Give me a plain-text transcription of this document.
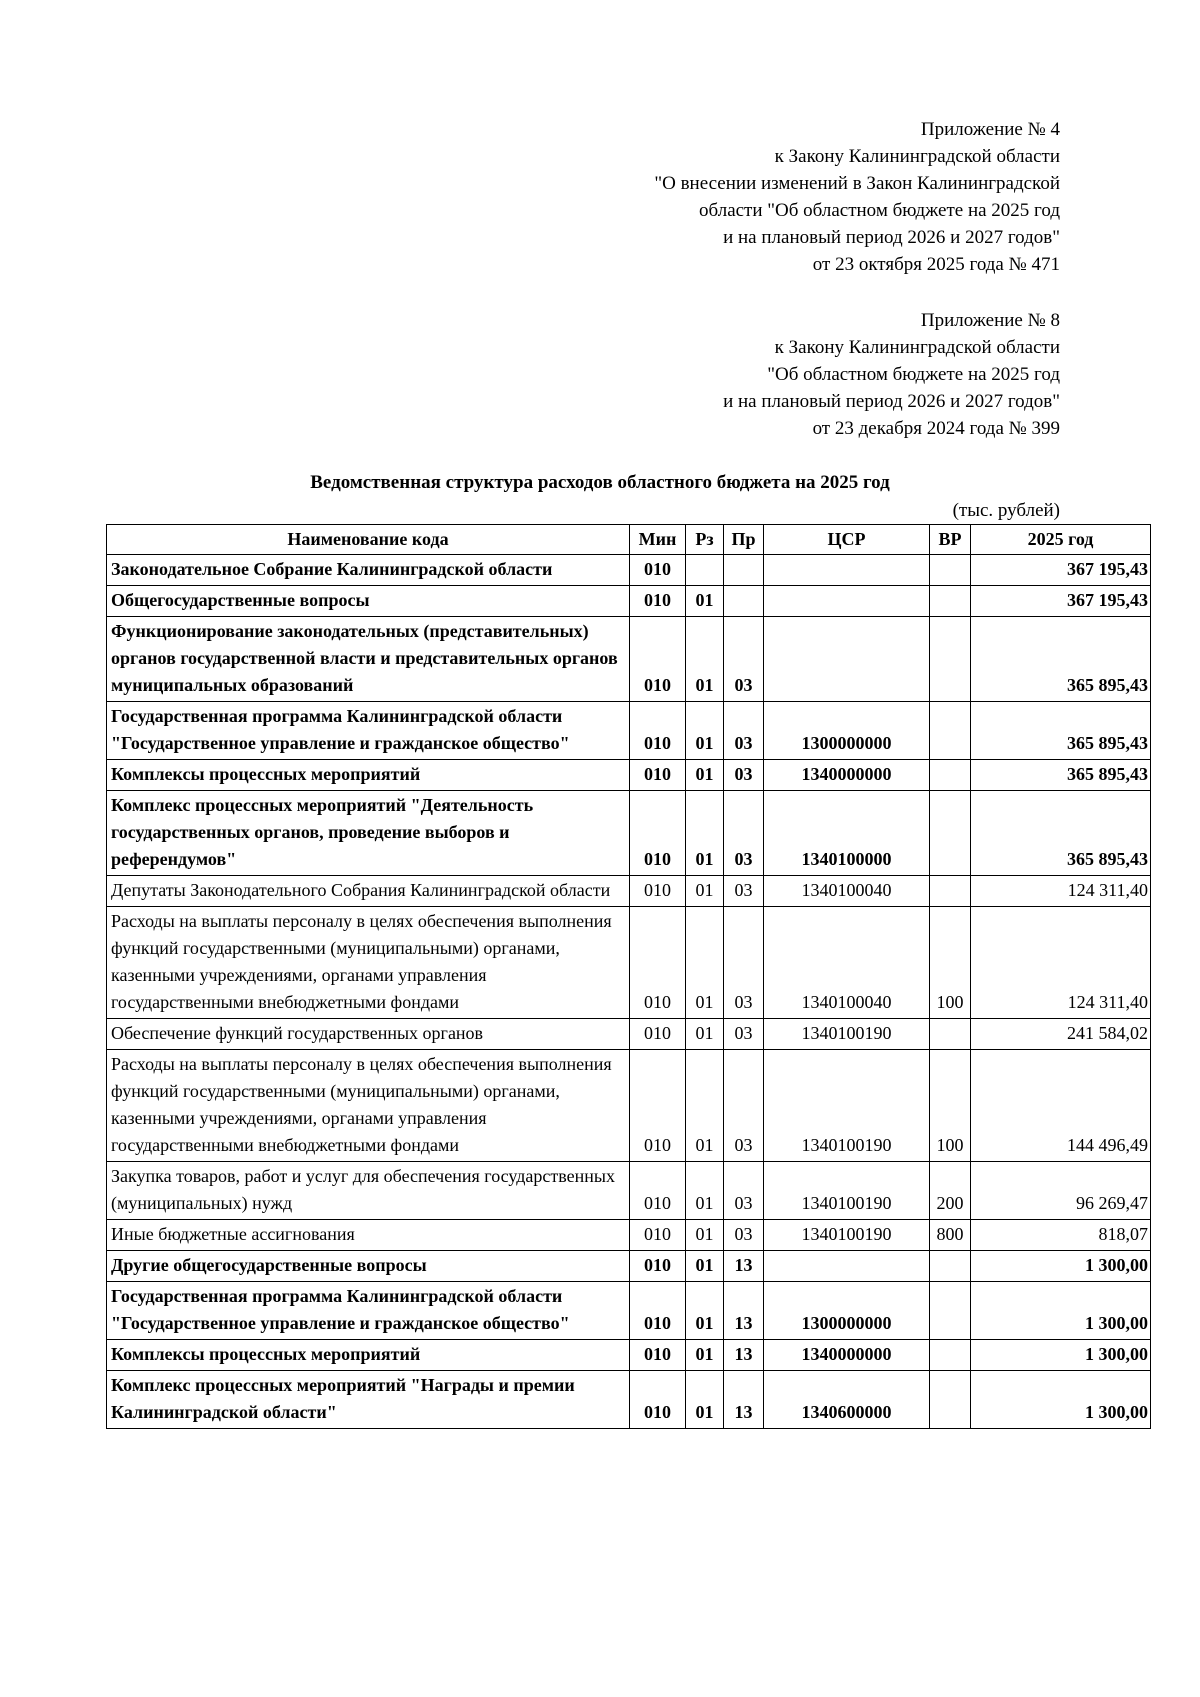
Приложение № 4
к Закону Калининградской области
"О внесении изменений в Закон Калининградской
области "Об областном бюджете на 2025 год
и на плановый период 2026 и 2027 годов"
от 23 октября 2025 года № 471
Приложение № 8
к Закону Калининградской области
"Об областном бюджете на 2025 год
и на плановый период 2026 и 2027 годов"
от 23 декабря 2024 года № 399
Ведомственная структура расходов областного бюджета на 2025 год
(тыс. рублей)
Наименование кода	Мин	Рз	Пр	ЦСР	ВР	2025 год
Законодательное Собрание Калининградской области	010					367 195,43
Общегосударственные вопросы	010	01				367 195,43
Функционирование законодательных (представительных) органов государственной власти и представительных органов муниципальных образований	010	01	03			365 895,43
Государственная программа Калининградской области "Государственное управление и гражданское общество"	010	01	03	1300000000		365 895,43
Комплексы процессных мероприятий	010	01	03	1340000000		365 895,43
Комплекс процессных мероприятий "Деятельность государственных органов, проведение выборов и референдумов"	010	01	03	1340100000		365 895,43
Депутаты Законодательного Собрания Калининградской области	010	01	03	1340100040		124 311,40
Расходы на выплаты персоналу в целях обеспечения выполнения функций государственными (муниципальными) органами, казенными учреждениями, органами управления государственными внебюджетными фондами	010	01	03	1340100040	100	124 311,40
Обеспечение функций государственных органов	010	01	03	1340100190		241 584,02
Расходы на выплаты персоналу в целях обеспечения выполнения функций государственными (муниципальными) органами, казенными учреждениями, органами управления государственными внебюджетными фондами	010	01	03	1340100190	100	144 496,49
Закупка товаров, работ и услуг для обеспечения государственных (муниципальных) нужд	010	01	03	1340100190	200	96 269,47
Иные бюджетные ассигнования	010	01	03	1340100190	800	818,07
Другие общегосударственные вопросы	010	01	13			1 300,00
Государственная программа Калининградской области "Государственное управление и гражданское общество"	010	01	13	1300000000		1 300,00
Комплексы процессных мероприятий	010	01	13	1340000000		1 300,00
Комплекс процессных мероприятий "Награды и премии Калининградской области"	010	01	13	1340600000		1 300,00
